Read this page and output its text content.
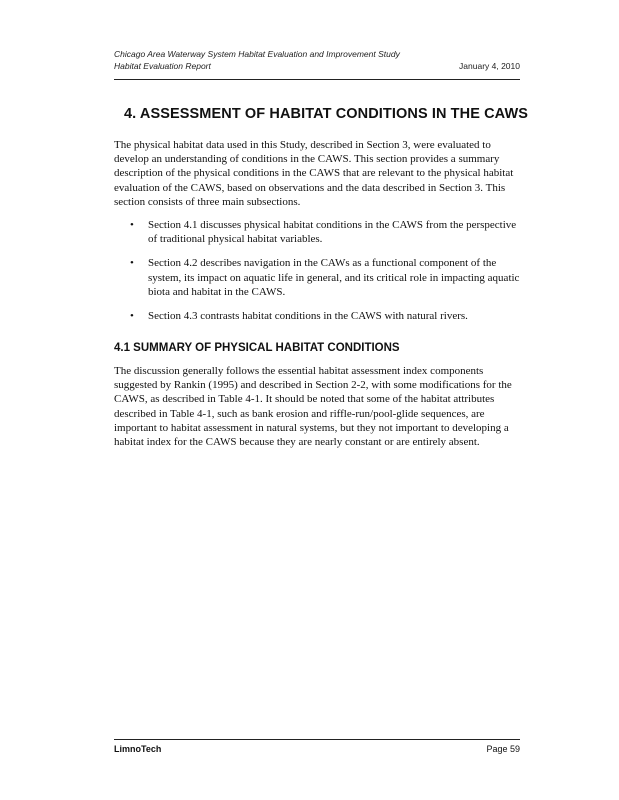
Chicago Area Waterway System Habitat Evaluation and Improvement Study
Habitat Evaluation Report	January 4, 2010
4. ASSESSMENT OF HABITAT CONDITIONS IN THE CAWS

The physical habitat data used in this Study, described in Section 3, were evaluated to develop an understanding of conditions in the CAWS. This section provides a summary description of the physical conditions in the CAWS that are relevant to the physical habitat evaluation of the CAWS, based on observations and the data described in Section 3. This section consists of three main subsections.

• Section 4.1 discusses physical habitat conditions in the CAWS from the perspective of traditional physical habitat variables.
• Section 4.2 describes navigation in the CAWs as a functional component of the system, its impact on aquatic life in general, and its critical role in impacting aquatic biota and habitat in the CAWS.
• Section 4.3 contrasts habitat conditions in the CAWS with natural rivers.
4.1 SUMMARY OF PHYSICAL HABITAT CONDITIONS

The discussion generally follows the essential habitat assessment index components suggested by Rankin (1995) and described in Section 2-2, with some modifications for the CAWS, as described in Table 4-1. It should be noted that some of the habitat attributes described in Table 4-1, such as bank erosion and riffle-run/pool-glide sequences, are important to habitat assessment in natural systems, but they not important to developing a habitat index for the CAWS because they are nearly constant or are entirely absent.

LimnoTech	Page 59
